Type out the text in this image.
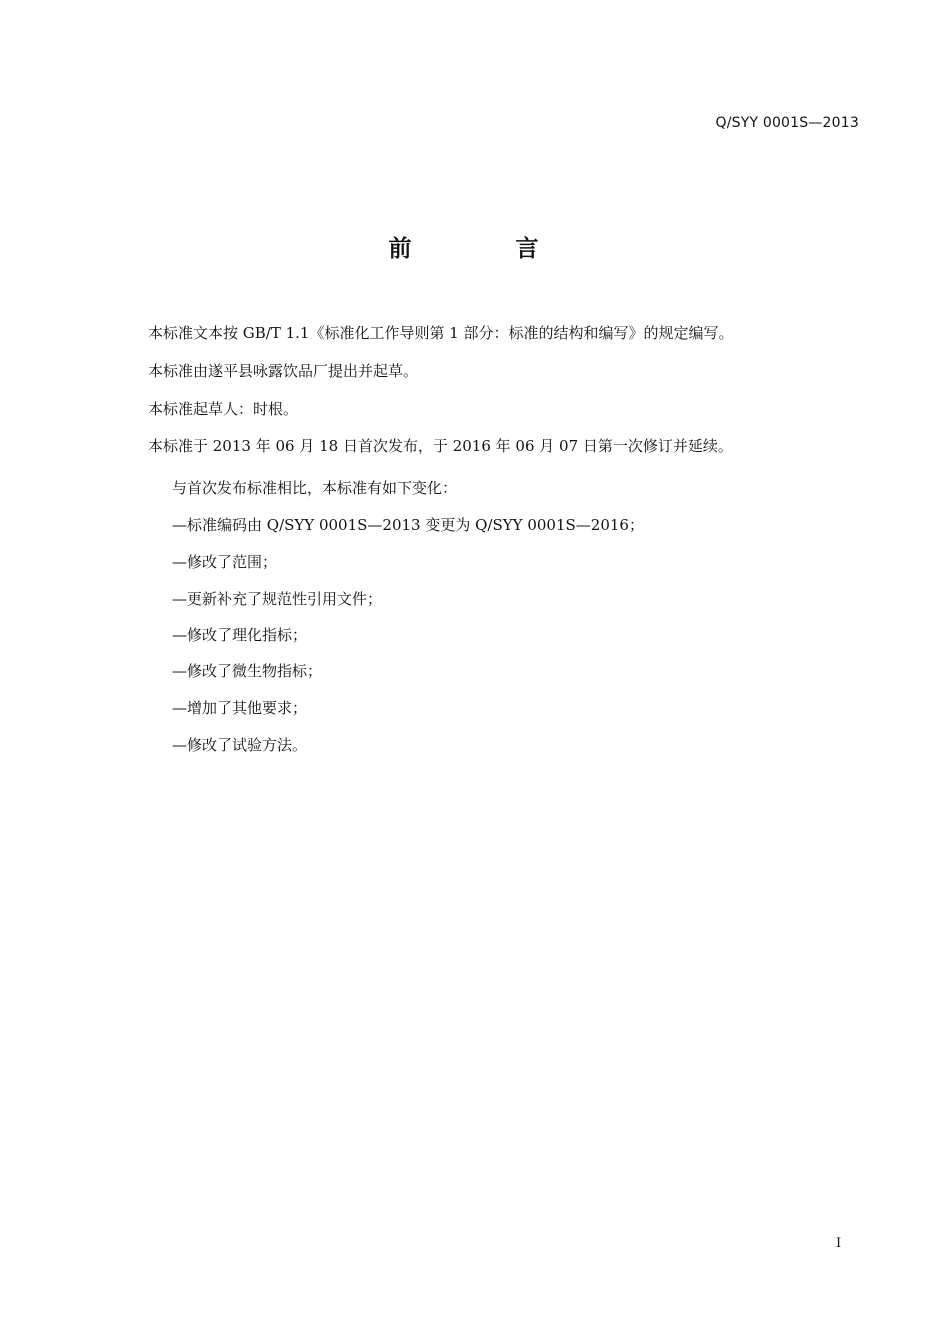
Q/SYY 0001S—2013
前 言
本标准文本按 GB/T 1.1《标准化工作导则第 1 部分：标准的结构和编写》的规定编写。
本标准由遂平县咏露饮品厂提出并起草。
本标准起草人：时根。
本标准于 2013 年 06 月 18 日首次发布，于 2016 年 06 月 07 日第一次修订并延续。
与首次发布标准相比，本标准有如下变化：
—标准编码由 Q/SYY 0001S—2013 变更为 Q/SYY 0001S—2016；
—修改了范围；
—更新补充了规范性引用文件；
—修改了理化指标；
—修改了微生物指标；
—增加了其他要求；
—修改了试验方法。
I
